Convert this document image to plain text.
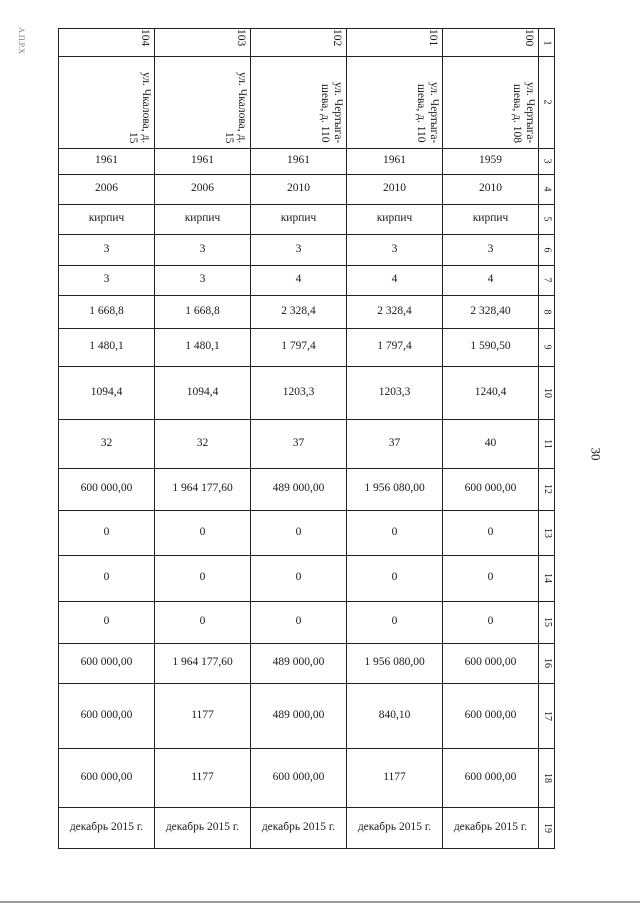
А.П.Р.Х
30
104	103	102	101	100	1
ул. Чкалова, д. 15	ул. Чкалова, д. 15	ул. Чертыга-шева, д. 110	ул. Чертыга-шева, д. 110	ул. Чертыга-шева, д. 108	2
1961	1961	1961	1961	1959	3
2006	2006	2010	2010	2010	4
кирпич	кирпич	кирпич	кирпич	кирпич	5
3	3	3	3	3	6
3	3	4	4	4	7
1 668,8	1 668,8	2 328,4	2 328,4	2 328,40	8
1 480,1	1 480,1	1 797,4	1 797,4	1 590,50	9
1094,4	1094,4	1203,3	1203,3	1240,4	10
32	32	37	37	40	11
600 000,00	1 964 177,60	489 000,00	1 956 080,00	600 000,00	12
0	0	0	0	0	13
0	0	0	0	0	14
0	0	0	0	0	15
600 000,00	1 964 177,60	489 000,00	1 956 080,00	600 000,00	16
600 000,00	1177	489 000,00	840,10	600 000,00	17
600 000,00	1177	600 000,00	1177	600 000,00	18
декабрь 2015 г.	декабрь 2015 г.	декабрь 2015 г.	декабрь 2015 г.	декабрь 2015 г.	19
